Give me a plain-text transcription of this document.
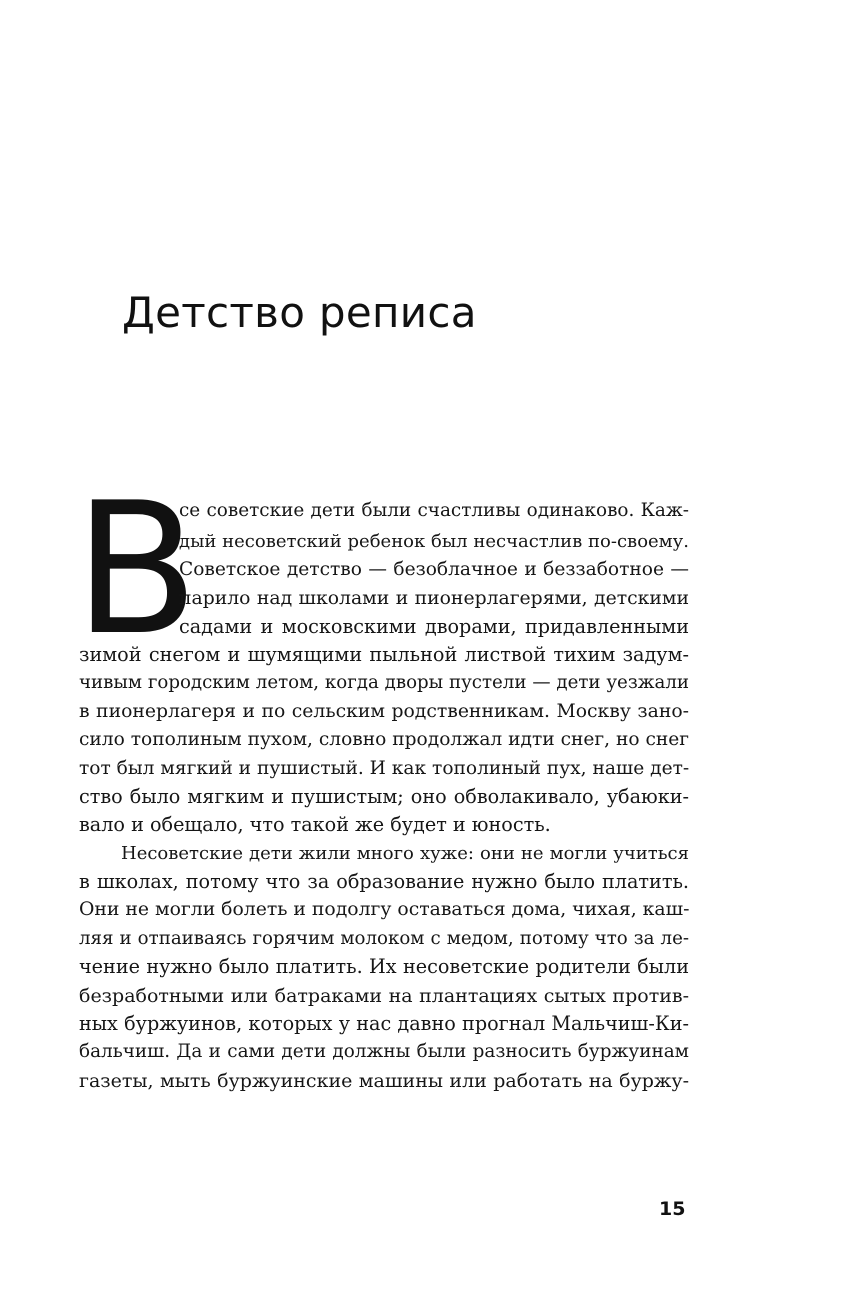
Детство реписа
В
се советские дети были счастливы одинаково. Каж-
дый несоветский ребенок был несчастлив по-своему.
Советское детство — безоблачное и беззаботное —
парило над школами и пионерлагерями, детскими
садами и московскими дворами, придавленными
зимой снегом и шумящими пыльной листвой тихим задум-
чивым городским летом, когда дворы пустели — дети уезжали
в пионерлагеря и по сельским родственникам. Москву зано-
сило тополиным пухом, словно продолжал идти снег, но снег
тот был мягкий и пушистый. И как тополиный пух, наше дет-
ство было мягким и пушистым; оно обволакивало, убаюки-
вало и обещало, что такой же будет и юность.
Несоветские дети жили много хуже: они не могли учиться
в школах, потому что за образование нужно было платить.
Они не могли болеть и подолгу оставаться дома, чихая, каш-
ляя и отпаиваясь горячим молоком с медом, потому что за ле-
чение нужно было платить. Их несоветские родители были
безработными или батраками на плантациях сытых против-
ных буржуинов, которых у нас давно прогнал Мальчиш-Ки-
бальчиш. Да и сами дети должны были разносить буржуинам
газеты, мыть буржуинские машины или работать на буржу-
15
